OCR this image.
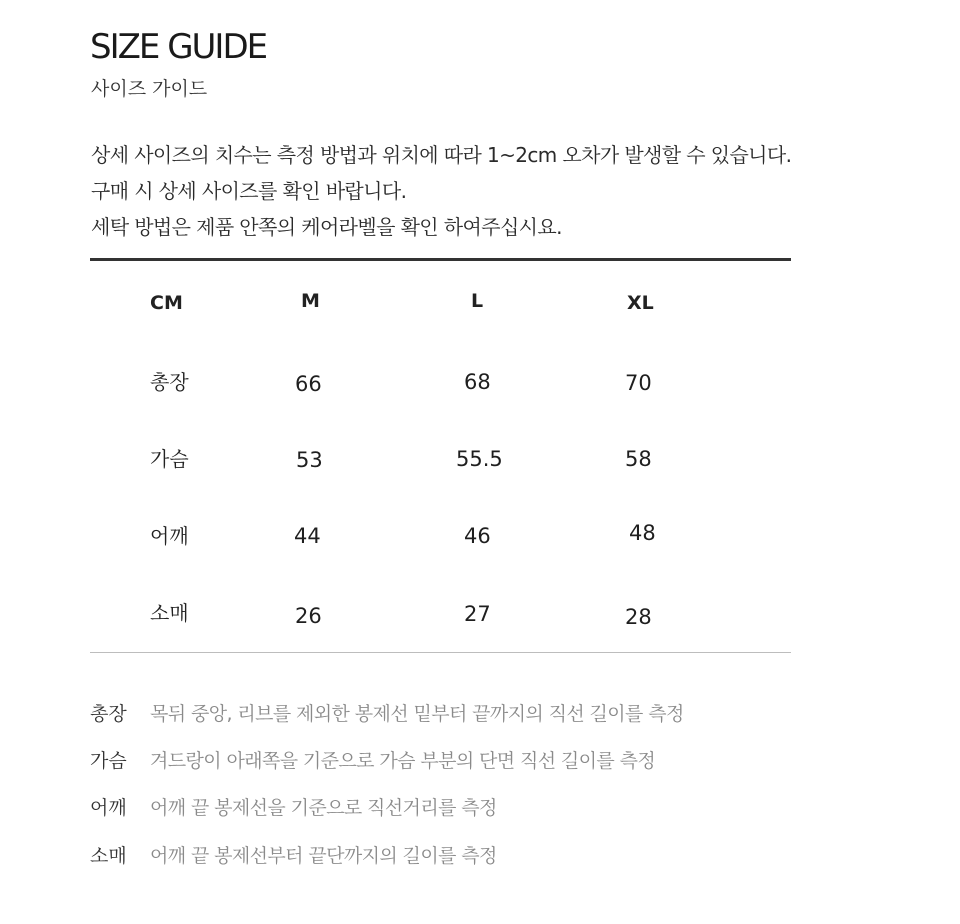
SIZE GUIDE
사이즈 가이드
상세 사이즈의 치수는 측정 방법과 위치에 따라 1~2cm 오차가 발생할 수 있습니다.
구매 시 상세 사이즈를 확인 바랍니다.
세탁 방법은 제품 안쪽의 케어라벨을 확인 하여주십시요.
CM	M	L	XL
총장	66	68	70
가슴	53	55.5	58
어깨	44	46	48
소매	26	27	28
총장 목뒤 중앙, 리브를 제외한 봉제선 밑부터 끝까지의 직선 길이를 측정
가슴 겨드랑이 아래쪽을 기준으로 가슴 부분의 단면 직선 길이를 측정
어깨 어깨 끝 봉제선을 기준으로 직선거리를 측정
소매 어깨 끝 봉제선부터 끝단까지의 길이를 측정
